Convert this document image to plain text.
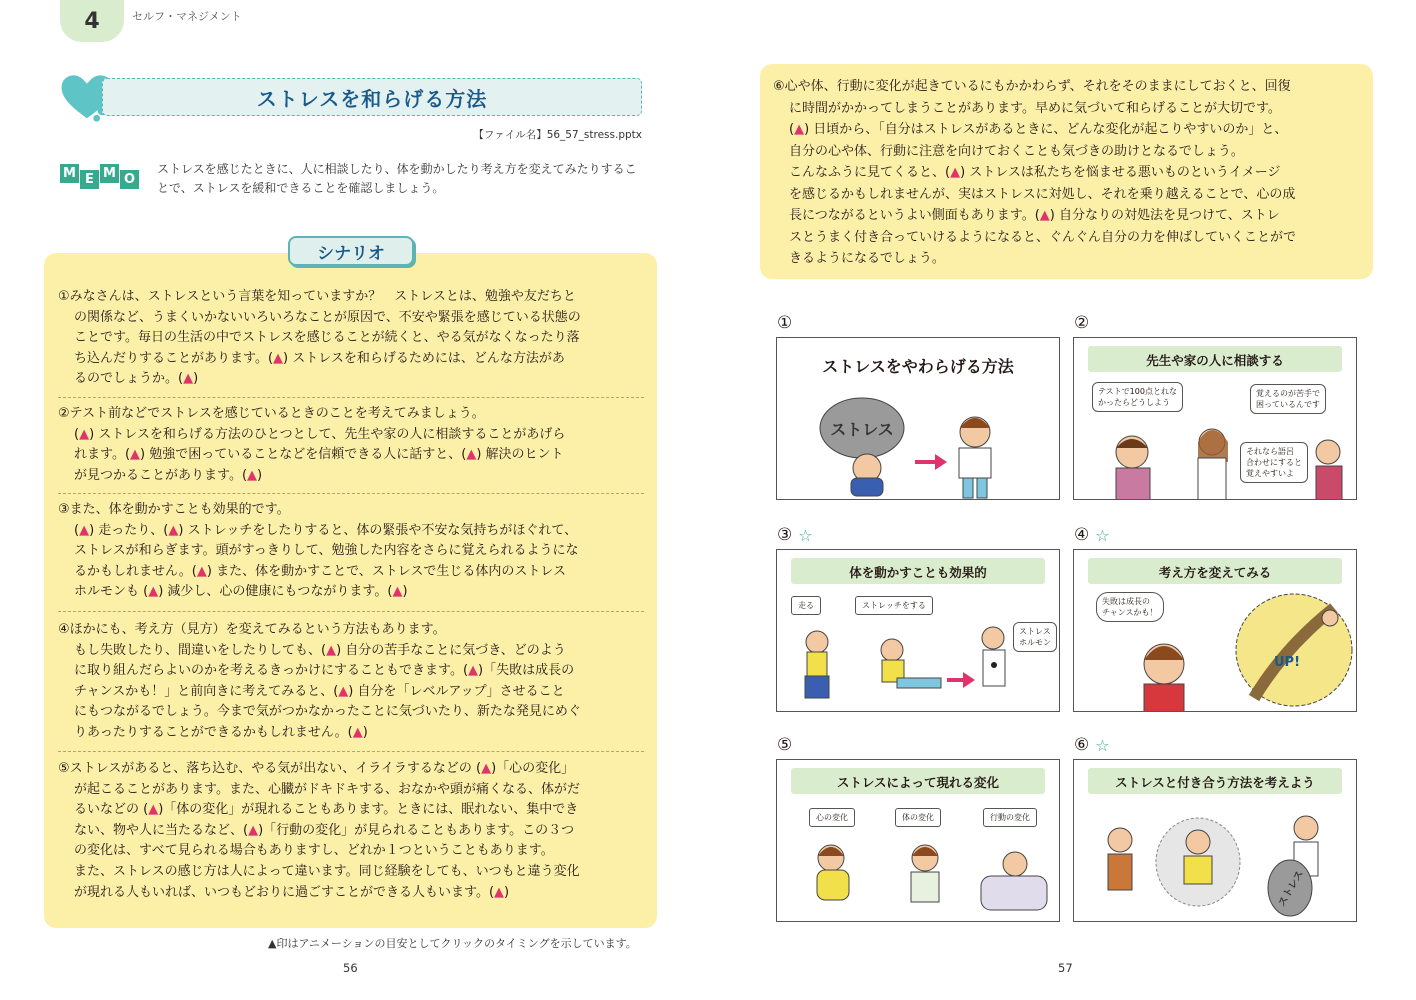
4	セルフ・マネジメント
ストレスを和らげる方法
【ファイル名】56_57_stress.pptx
M E M O
ストレスを感じたときに、人に相談したり、体を動かしたり考え方を変えてみたりするこ
とで、ストレスを緩和できることを確認しましょう。
シナリオ
①みなさんは、ストレスという言葉を知っていますか？　ストレスとは、勉強や友だちと
の関係など、うまくいかないいろいろなことが原因で、不安や緊張を感じている状態の
ことです。毎日の生活の中でストレスを感じることが続くと、やる気がなくなったり落
ち込んだりすることがあります。(▲) ストレスを和らげるためには、どんな方法があ
るのでしょうか。(▲)
②テスト前などでストレスを感じているときのことを考えてみましょう。
(▲) ストレスを和らげる方法のひとつとして、先生や家の人に相談することがあげら
れます。(▲) 勉強で困っていることなどを信頼できる人に話すと、(▲) 解決のヒント
が見つかることがあります。(▲)
③また、体を動かすことも効果的です。
(▲) 走ったり、(▲) ストレッチをしたりすると、体の緊張や不安な気持ちがほぐれて、
ストレスが和らぎます。頭がすっきりして、勉強した内容をさらに覚えられるようにな
るかもしれません。(▲) また、体を動かすことで、ストレスで生じる体内のストレス
ホルモンも (▲) 減少し、心の健康にもつながります。(▲)
④ほかにも、考え方（見方）を変えてみるという方法もあります。
もし失敗したり、間違いをしたりしても、(▲) 自分の苦手なことに気づき、どのよう
に取り組んだらよいのかを考えるきっかけにすることもできます。(▲)「失敗は成長の
チャンスかも！」と前向きに考えてみると、(▲) 自分を「レベルアップ」させること
にもつながるでしょう。今まで気がつかなかったことに気づいたり、新たな発見にめぐ
りあったりすることができるかもしれません。(▲)
⑤ストレスがあると、落ち込む、やる気が出ない、イライラするなどの (▲)「心の変化」
が起こることがあります。また、心臓がドキドキする、おなかや頭が痛くなる、体がだ
るいなどの (▲)「体の変化」が現れることもあります。ときには、眠れない、集中でき
ない、物や人に当たるなど、(▲)「行動の変化」が見られることもあります。この３つ
の変化は、すべて見られる場合もありますし、どれか１つということもあります。
また、ストレスの感じ方は人によって違います。同じ経験をしても、いつもと違う変化
が現れる人もいれば、いつもどおりに過ごすことができる人もいます。(▲)
▲印はアニメーションの目安としてクリックのタイミングを示しています。
56	57
⑥心や体、行動に変化が起きているにもかかわらず、それをそのままにしておくと、回復
に時間がかかってしまうことがあります。早めに気づいて和らげることが大切です。
(▲) 日頃から、「自分はストレスがあるときに、どんな変化が起こりやすいのか」と、
自分の心や体、行動に注意を向けておくことも気づきの助けとなるでしょう。
こんなふうに見てくると、(▲) ストレスは私たちを悩ませる悪いものというイメージ
を感じるかもしれませんが、実はストレスに対処し、それを乗り越えることで、心の成
長につながるというよい側面もあります。(▲) 自分なりの対処法を見つけて、ストレ
スとうまく付き合っていけるようになると、ぐんぐん自分の力を伸ばしていくことがで
きるようになるでしょう。
①	②
③ ☆	④ ☆
⑤	⑥ ☆
ストレスをやわらげる方法
ストレス
先生や家の人に相談する
テストで100点とれな
かったらどうしよう
覚えるのが苦手で
困っているんです
それなら語呂
合わせにすると
覚えやすいよ
体を動かすことも効果的
走る	ストレッチをする
ストレス
ホルモン
考え方を変えてみる
失敗は成長の
チャンスかも！
UP!
ストレスによって現れる変化
心の変化	体の変化	行動の変化
ストレスと付き合う方法を考えよう
ストレス
